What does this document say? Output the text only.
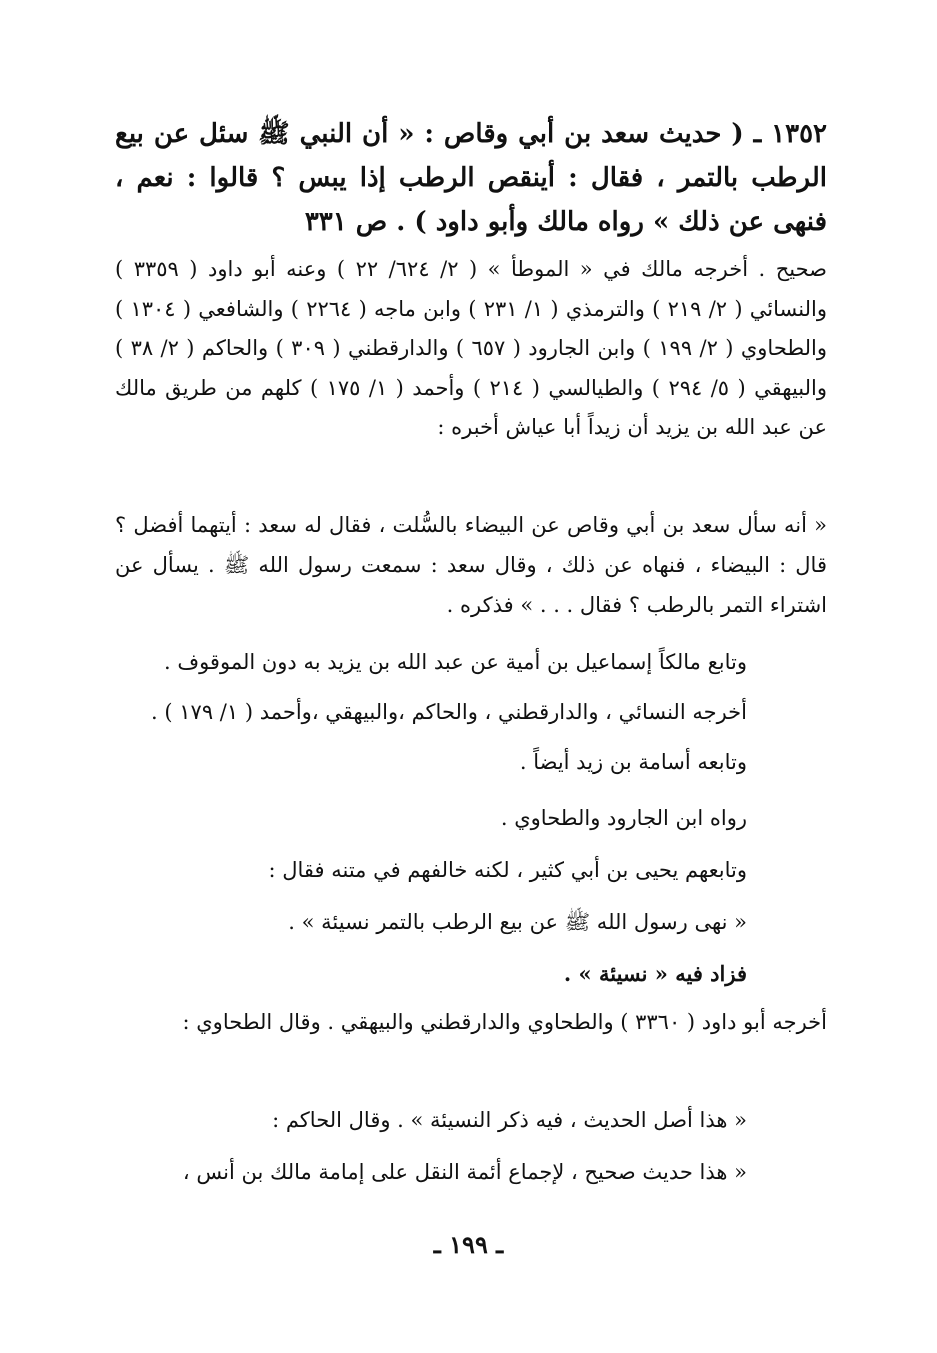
١٣٥٢ ـ ( حديث سعد بن أبي وقاص : « أن النبي ﷺ سئل عن بيع الرطب بالتمر ، فقال : أينقص الرطب إذا يبس ؟ قالوا : نعم ، فنهى عن ذلك » رواه مالك وأبو داود ) . ص ٣٣١
صحيح . أخرجه مالك في « الموطأ » ( ٢/ ٦٢٤/ ٢٢ ) وعنه أبو داود ( ٣٣٥٩ ) والنسائي ( ٢/ ٢١٩ ) والترمذي ( ١/ ٢٣١ ) وابن ماجه ( ٢٢٦٤ ) والشافعي ( ١٣٠٤ ) والطحاوي ( ٢/ ١٩٩ ) وابن الجارود ( ٦٥٧ ) والدارقطني ( ٣٠٩ ) والحاكم ( ٢/ ٣٨ ) والبيهقي ( ٥/ ٢٩٤ ) والطيالسي ( ٢١٤ ) وأحمد ( ١/ ١٧٥ ) كلهم من طريق مالك عن عبد الله بن يزيد أن زيداً أبا عياش أخبره :
« أنه سأل سعد بن أبي وقاص عن البيضاء بالسُّلت ، فقال له سعد : أيتهما أفضل ؟ قال : البيضاء ، فنهاه عن ذلك ، وقال سعد : سمعت رسول الله ﷺ . يسأل عن اشتراء التمر بالرطب ؟ فقال . . . » فذكره .
وتابع مالكاً إسماعيل بن أمية عن عبد الله بن يزيد به دون الموقوف .
أخرجه النسائي ، والدارقطني ، والحاكم ،والبيهقي ،وأحمد ( ١/ ١٧٩ ) .
وتابعه أسامة بن زيد أيضاً .
رواه ابن الجارود والطحاوي .
وتابعهم يحيى بن أبي كثير ، لكنه خالفهم في متنه فقال :
« نهى رسول الله ﷺ عن بيع الرطب بالتمر نسيئة » .
فزاد فيه « نسيئة » .
أخرجه أبو داود ( ٣٣٦٠ ) والطحاوي والدارقطني والبيهقي . وقال الطحاوي :
« هذا أصل الحديث ، فيه ذكر النسيئة » . وقال الحاكم :
« هذا حديث صحيح ، لإجماع أئمة النقل على إمامة مالك بن أنس ،
ـ ١٩٩ ـ
